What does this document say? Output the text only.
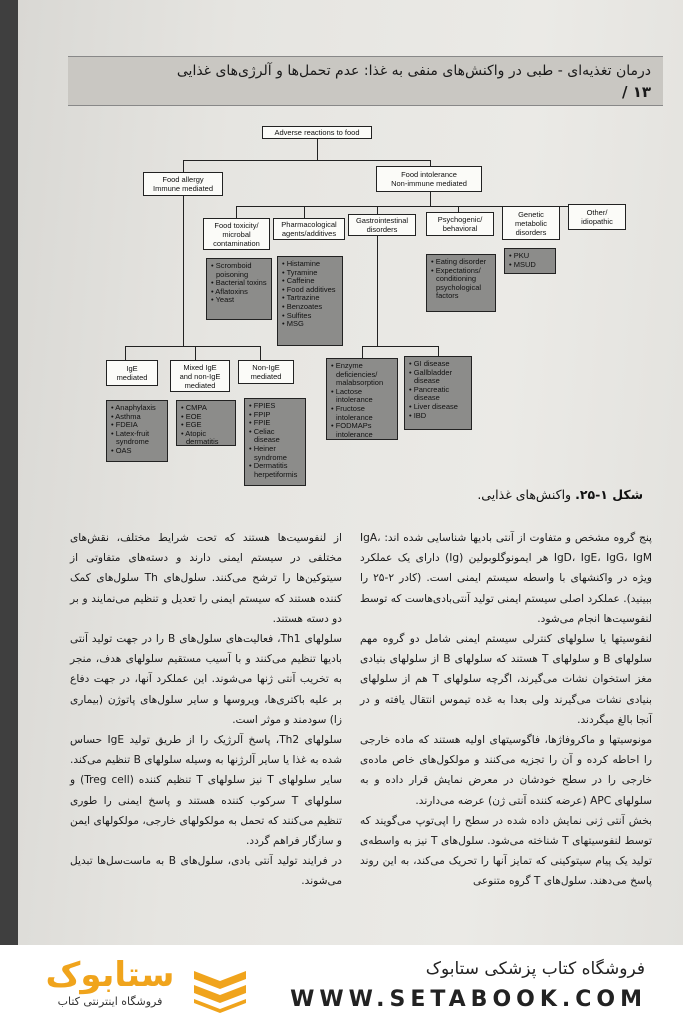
درمان تغذیه‌ای - طبی در واکنش‌های منفی به غذا: عدم تحمل‌ها و آلرژی‌های غذایی
۱۳ /
Adverse reactions to food
Food allergy
Immune mediated
Food intolerance
Non-immune mediated
Food toxicity/
microbal
contamination
Pharmacological
agents/additives
Gastrointestinal
disorders
Psychogenic/
behavioral
Genetic
metabolic
disorders
Other/
idiopathic
• Scromboid poisoning
• Bacterial toxins
• Aflatoxins
• Yeast
• Histamine
• Tyramine
• Caffeine
• Food additives
• Tartrazine
• Benzoates
• Sulfites
• MSG
• Eating disorder
• Expectations/ conditioning psychological factors
• PKU
• MSUD
IgE
mediated
Mixed IgE
and non-IgE
mediated
Non-IgE
mediated
• Anaphylaxis
• Asthma
• FDEIA
• Latex-fruit syndrome
• OAS
• CMPA
• EOE
• EGE
• Atopic dermatitis
• FPIES
• FPIP
• FPIE
• Celiac disease
• Heiner syndrome
• Dermatitis herpetiformis
• Enzyme deficiencies/ malabsorption
• Lactose intolerance
• Fructose intolerance
• FODMAPs intolerance
• GI disease
• Gallbladder disease
• Pancreatic disease
• Liver disease
• IBD
شکل ۱-۲۵. واکنش‌های غذایی.

پنج گروه مشخص و متفاوت از آنتی بادیها شناسایی شده اند: IgA، IgD، IgE، IgG، IgM هر ایمونوگلوبولین (Ig) دارای یک عملکرد ویژه در واکنشهای با واسطه سیستم ایمنی است. (کادر ۲-۲۵ را ببینید). عملکرد اصلی سیستم ایمنی تولید آنتی‌بادی‌هاست که توسط لنفوسیت‌ها انجام می‌شود.

لنفوسیتها یا سلولهای کنترلی سیستم ایمنی شامل دو گروه مهم سلولهای B و سلولهای T هستند که سلولهای B از سلولهای بنیادی مغز استخوان نشات می‌گیرند، اگرچه سلولهای T هم از سلولهای بنیادی نشات می‌گیرند ولی بعدا به غده تیموس انتقال یافته و در آنجا بالغ میگردند.

مونوسیتها و ماکروفاژها، فاگوسیتهای اولیه هستند که ماده خارجی را احاطه کرده و آن را تجزیه می‌کنند و مولکول‌های خاص ماده‌ی خارجی را در سطح خودشان در معرض نمایش قرار داده و به سلولهای APC (عرضه کننده آنتی ژن) عرضه می‌دارند.

بخش آنتی ژنی نمایش داده شده در سطح را اپی‌توپ می‌گویند که توسط لنفوسیتهای T شناخته می‌شود. سلول‌های T نیز به واسطه‌ی تولید یک پیام سیتوکینی که تمایز آنها را تحریک می‌کند، به این روند پاسخ می‌دهند. سلول‌های T گروه متنوعی

از لنفوسیت‌ها هستند که تحت شرایط مختلف، نقش‌های مختلفی در سیستم ایمنی دارند و دسته‌های متفاوتی از سیتوکین‌ها را ترشح می‌کنند. سلول‌های Th سلول‌های کمک کننده هستند که سیستم ایمنی را تعدیل و تنظیم می‌نمایند و بر دو دسته هستند.

سلولهای Th1، فعالیت‌های سلول‌های B را در جهت تولید آنتی بادیها تنظیم می‌کنند و با آسیب مستقیم سلولهای هدف، منجر به تخریب آنتی ژنها می‌شوند. این عملکرد آنها، در جهت دفاع بر علیه باکتری‌ها، ویروسها و سایر سلول‌های پاتوژن (بیماری زا) سودمند و موثر است.

سلولهای Th2، پاسخ آلرژیک را از طریق تولید IgE حساس شده به غذا یا سایر آلرژنها به وسیله سلولهای B تنظیم می‌کند. سایر سلولهای T نیز سلولهای T تنظیم کننده (Treg cell) و سلولهای T سرکوب کننده هستند و پاسخ ایمنی را طوری تنظیم می‌کنند که تحمل به مولکولهای خارجی، مولکولهای ایمن و سازگار فراهم گردد.

در فرایند تولید آنتی بادی، سلول‌های B به ماست‌سل‌ها تبدیل می‌شوند.

ستابوک
فروشگاه اینترنتی کتاب
فروشگاه کتاب پزشکی ستابوک
WWW.SETABOOK.COM
